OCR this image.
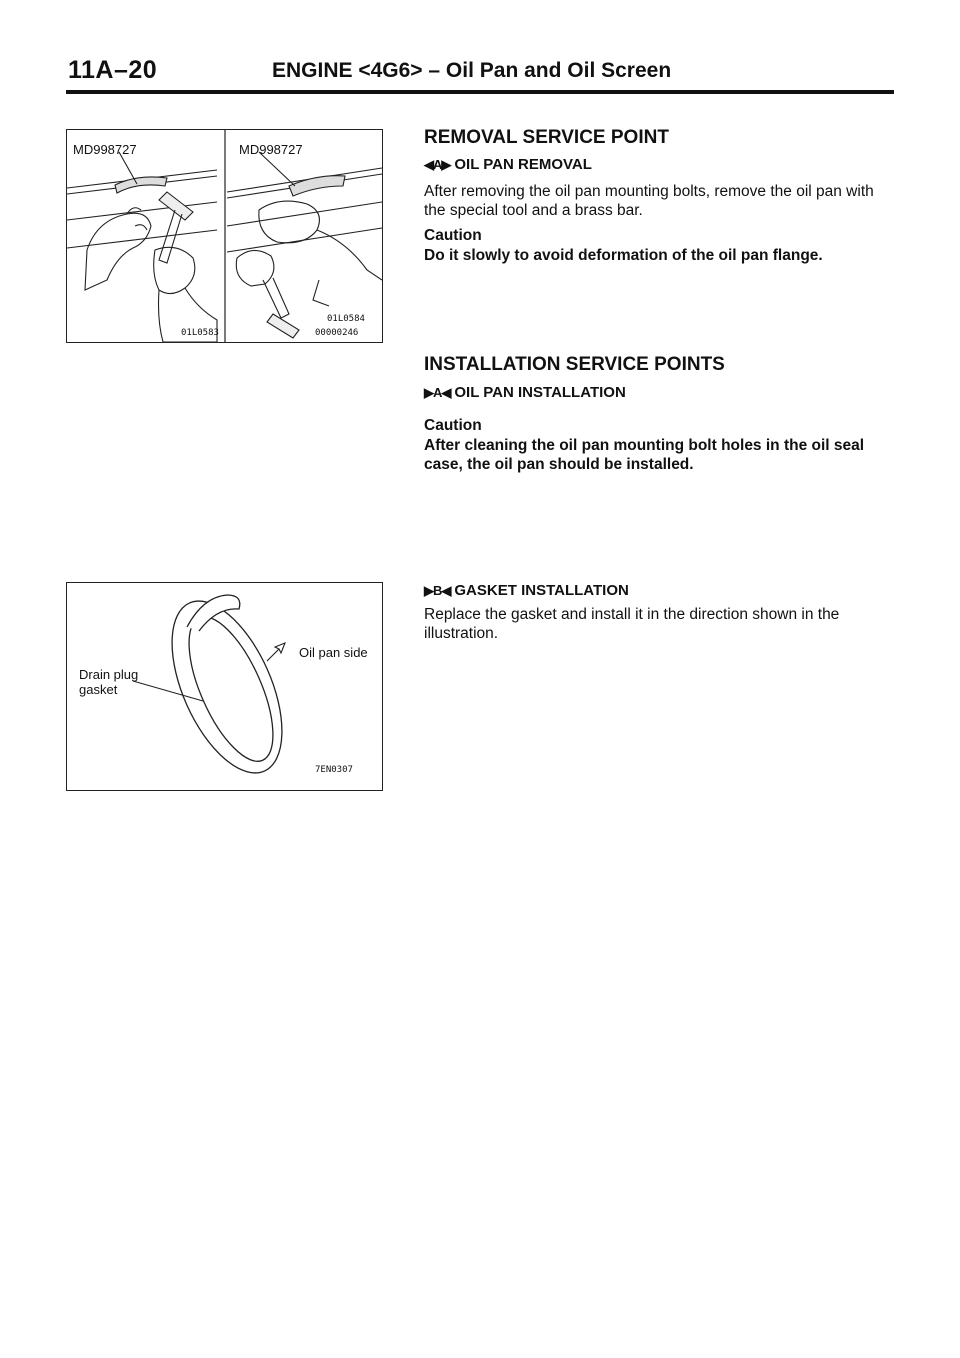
11A–20	ENGINE <4G6> – Oil Pan and Oil Screen
MD998727	MD998727
01L0583
01L0584
00000246
Oil pan side
Drain plug
gasket
7EN0307
REMOVAL SERVICE POINT
◀A▶ OIL PAN REMOVAL
After removing the oil pan mounting bolts, remove the oil pan with the special tool and a brass bar.
Caution
Do it slowly to avoid deformation of the oil pan flange.
INSTALLATION SERVICE POINTS
▶A◀ OIL PAN INSTALLATION
Caution
After cleaning the oil pan mounting bolt holes in the oil seal case, the oil pan should be installed.
▶B◀ GASKET INSTALLATION
Replace the gasket and install it in the direction shown in the illustration.
